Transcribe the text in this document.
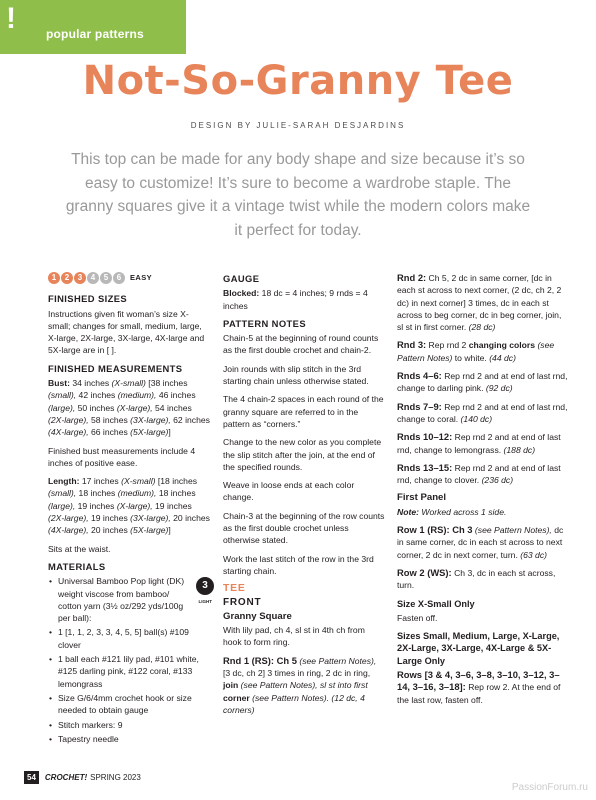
!	popular patterns
Not-So-Granny Tee
DESIGN BY JULIE-SARAH DESJARDINS

This top can be made for any body shape and size because it’s so easy to customize! It’s sure to become a wardrobe staple. The granny squares give it a vintage twist while the modern colors make it perfect for today.

1	2	3	4	5	6	EASY
FINISHED SIZES

Instructions given fit woman’s size X-small; changes for small, medium, large, X-large, 2X-large, 3X-large, 4X-large and 5X-large are in [ ].

FINISHED MEASUREMENTS

Bust: 34 inches (X-small) [38 inches (small), 42 inches (medium), 46 inches (large), 50 inches (X-large), 54 inches (2X-large), 58 inches (3X-large), 62 inches (4X-large), 66 inches (5X-large)]

Finished bust measurements include 4 inches of positive ease.

Length: 17 inches (X-small) [18 inches (small), 18 inches (medium), 18 inches (large), 19 inches (X-large), 19 inches (2X-large), 19 inches (3X-large), 20 inches (4X-large), 20 inches (5X-large)]

Sits at the waist.

MATERIALS
• Universal Bamboo Pop light (DK) weight viscose from bamboo/ cotton yarn (3½ oz/292 yds/100g per ball):
3
LIGHT
• 1 [1, 1, 2, 3, 3, 4, 5, 5] ball(s) #109 clover
• 1 ball each #121 lily pad, #101 white, #125 darling pink, #122 coral, #133 lemongrass
• Size G/6/4mm crochet hook or size needed to obtain gauge
• Stitch markers: 9
• Tapestry needle
GAUGE

Blocked: 18 dc = 4 inches; 9 rnds = 4 inches

PATTERN NOTES

Chain-5 at the beginning of round counts as the first double crochet and chain-2.

Join rounds with slip stitch in the 3rd starting chain unless otherwise stated.

The 4 chain-2 spaces in each round of the granny square are referred to in the pattern as “corners.”

Change to the new color as you complete the slip stitch after the join, at the end of the specified rounds.

Weave in loose ends at each color change.

Chain-3 at the beginning of the row counts as the first double crochet unless otherwise stated.

Work the last stitch of the row in the 3rd starting chain.

TEE
FRONT
Granny Square

With lily pad, ch 4, sl st in 4th ch from hook to form ring.

Rnd 1 (RS): Ch 5 (see Pattern Notes), [3 dc, ch 2] 3 times in ring, 2 dc in ring, join (see Pattern Notes), sl st into first corner (see Pattern Notes). (12 dc, 4 corners)

Rnd 2: Ch 5, 2 dc in same corner, [dc in each st across to next corner, (2 dc, ch 2, 2 dc) in next corner] 3 times, dc in each st across to beg corner, dc in beg corner, join, sl st in first corner. (28 dc)

Rnd 3: Rep rnd 2 changing colors (see Pattern Notes) to white. (44 dc)

Rnds 4–6: Rep rnd 2 and at end of last rnd, change to darling pink. (92 dc)

Rnds 7–9: Rep rnd 2 and at end of last rnd, change to coral. (140 dc)

Rnds 10–12: Rep rnd 2 and at end of last rnd, change to lemongrass. (188 dc)

Rnds 13–15: Rep rnd 2 and at end of last rnd, change to clover. (236 dc)

First Panel

Note: Worked across 1 side.

Row 1 (RS): Ch 3 (see Pattern Notes), dc in same corner, dc in each st across to next corner, 2 dc in next corner, turn. (63 dc)

Row 2 (WS): Ch 3, dc in each st across, turn.

Size X-Small Only

Fasten off.

Sizes Small, Medium, Large, X-Large, 2X-Large, 3X-Large, 4X-Large & 5X-Large Only

Rows [3 & 4, 3–6, 3–8, 3–10, 3–12, 3–14, 3–16, 3–18]: Rep row 2. At the end of the last row, fasten off.

54	CROCHET! SPRING 2023
PassionForum.ru
